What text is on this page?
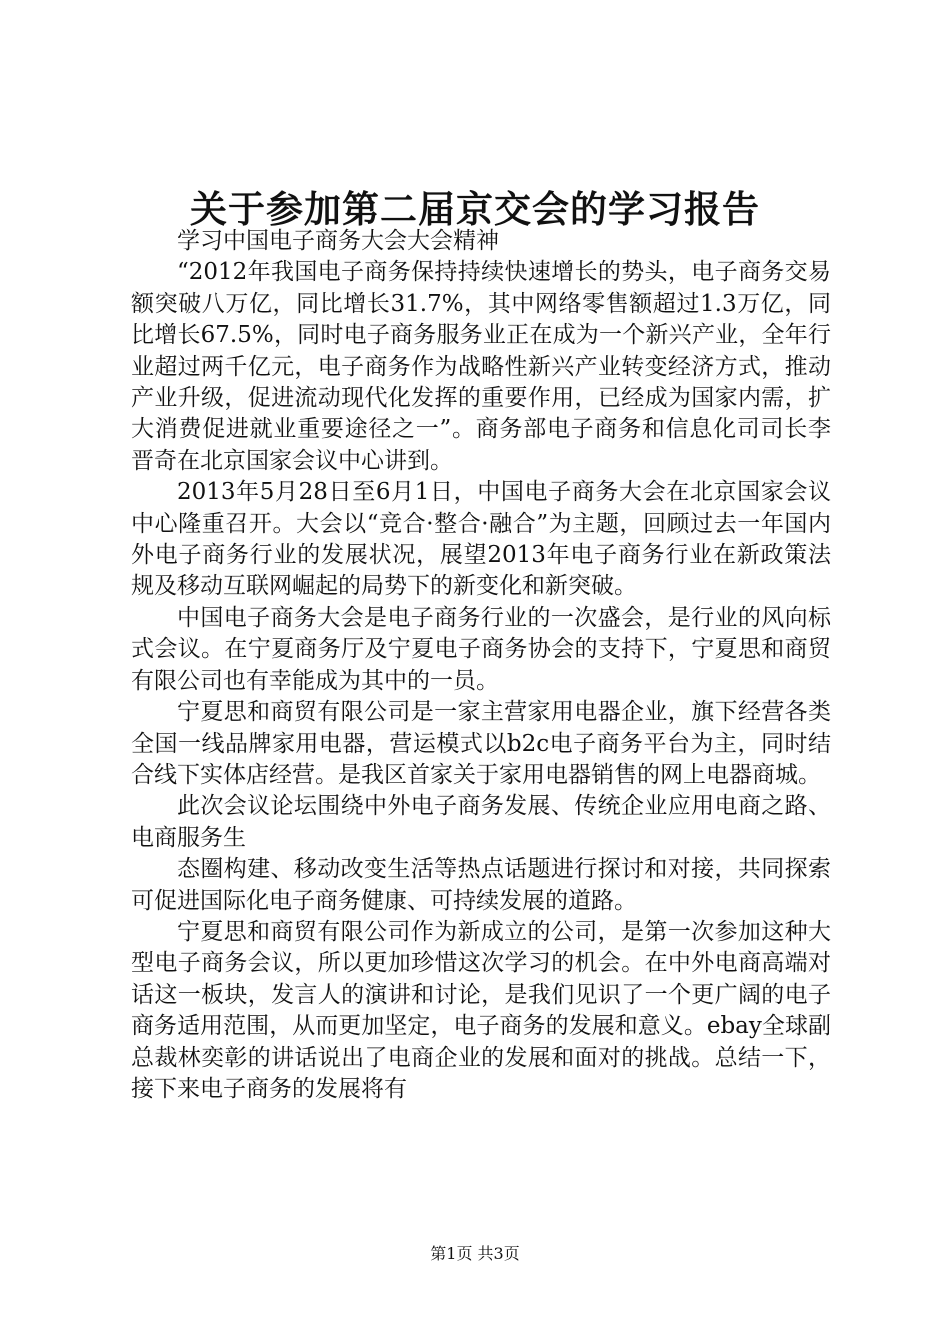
关于参加第二届京交会的学习报告

学习中国电子商务大会大会精神

“2012年我国电子商务保持持续快速增长的势头，电子商务交易额突破八万亿，同比增长31.7%，其中网络零售额超过1.3万亿，同比增长67.5%，同时电子商务服务业正在成为一个新兴产业，全年行业超过两千亿元，电子商务作为战略性新兴产业转变经济方式，推动产业升级，促进流动现代化发挥的重要作用，已经成为国家内需，扩大消费促进就业重要途径之一”。商务部电子商务和信息化司司长李晋奇在北京国家会议中心讲到。

2013年5月28日至6月1日，中国电子商务大会在北京国家会议中心隆重召开。大会以“竞合·整合·融合”为主题，回顾过去一年国内外电子商务行业的发展状况，展望2013年电子商务行业在新政策法规及移动互联网崛起的局势下的新变化和新突破。

中国电子商务大会是电子商务行业的一次盛会，是行业的风向标式会议。在宁夏商务厅及宁夏电子商务协会的支持下，宁夏思和商贸有限公司也有幸能成为其中的一员。

宁夏思和商贸有限公司是一家主营家用电器企业，旗下经营各类全国一线品牌家用电器，营运模式以b2c电子商务平台为主，同时结合线下实体店经营。是我区首家关于家用电器销售的网上电器商城。

此次会议论坛围绕中外电子商务发展、传统企业应用电商之路、电商服务生

态圈构建、移动改变生活等热点话题进行探讨和对接，共同探索可促进国际化电子商务健康、可持续发展的道路。

宁夏思和商贸有限公司作为新成立的公司，是第一次参加这种大型电子商务会议，所以更加珍惜这次学习的机会。在中外电商高端对话这一板块，发言人的演讲和讨论，是我们见识了一个更广阔的电子商务适用范围，从而更加坚定，电子商务的发展和意义。ebay全球副总裁林奕彰的讲话说出了电商企业的发展和面对的挑战。总结一下，接下来电子商务的发展将有

第1页 共3页
